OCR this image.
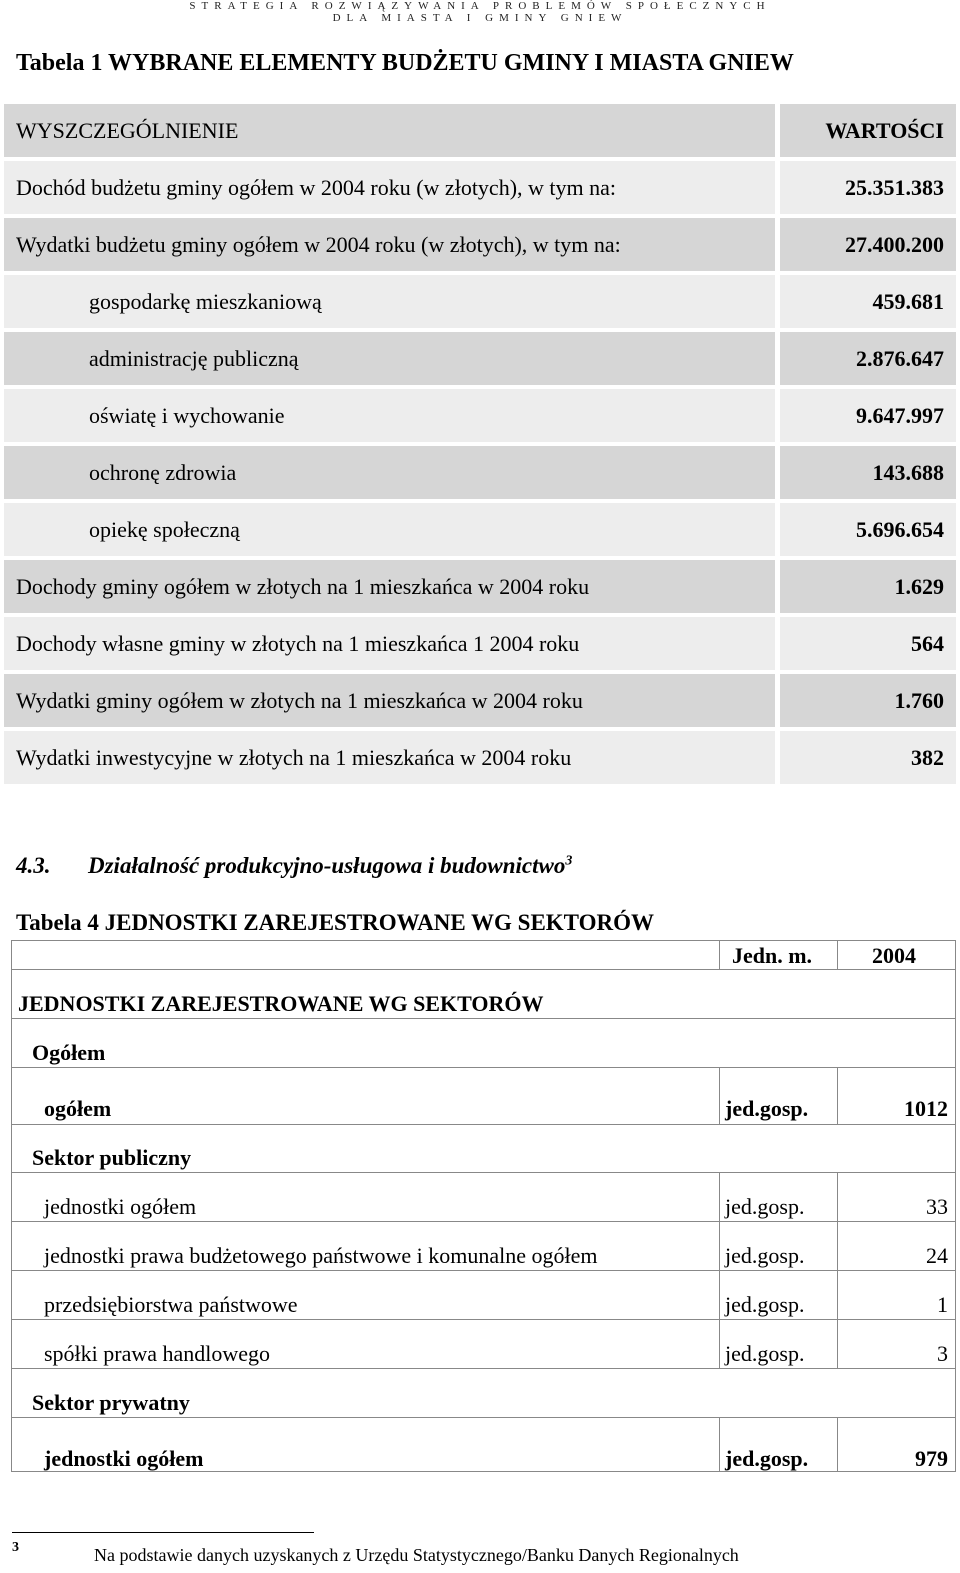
STRATEGIA ROZWIĄZYWANIA PROBLEMÓW SPOŁECZNYCH
DLA MIASTA I GMINY GNIEW
Tabela 1 WYBRANE ELEMENTY BUDŻETU GMINY I MIASTA GNIEW
WYSZCZEGÓLNIENIE	WARTOŚCI
Dochód budżetu gminy ogółem w 2004 roku (w złotych), w tym na:	25.351.383
Wydatki budżetu gminy ogółem w 2004 roku (w złotych), w tym na:	27.400.200
gospodarkę mieszkaniową	459.681
administrację publiczną	2.876.647
oświatę i wychowanie	9.647.997
ochronę zdrowia	143.688
opiekę społeczną	5.696.654
Dochody gminy ogółem w złotych na 1 mieszkańca w 2004 roku	1.629
Dochody własne gminy w złotych na 1 mieszkańca 1 2004 roku	564
Wydatki gminy ogółem w złotych na 1 mieszkańca w 2004 roku	1.760
Wydatki inwestycyjne w złotych na 1 mieszkańca w 2004 roku	382
4.3. Działalność produkcyjno-usługowa i budownictwo$^3$
Tabela 4 JEDNOSTKI ZAREJESTROWANE WG SEKTORÓW
Jedn. m.	2004
JEDNOSTKI ZAREJESTROWANE WG SEKTORÓW
Ogółem
ogółem	jed.gosp.	1012
Sektor publiczny
jednostki ogółem	jed.gosp.	33
jednostki prawa budżetowego państwowe i komunalne ogółem	jed.gosp.	24
przedsiębiorstwa państwowe	jed.gosp.	1
spółki prawa handlowego	jed.gosp.	3
Sektor prywatny
jednostki ogółem	jed.gosp.	979
3	Na podstawie danych uzyskanych z Urzędu Statystycznego/Banku Danych Regionalnych
